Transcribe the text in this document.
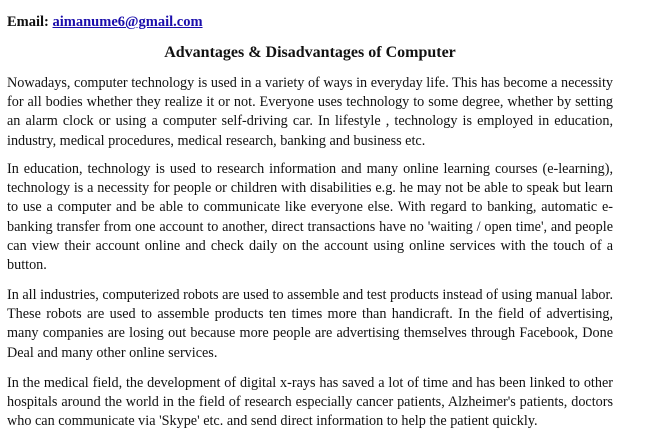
Email: aimanume6@gmail.com
Advantages & Disadvantages of Computer

Nowadays, computer technology is used in a variety of ways in everyday life. This has become a necessity for all bodies whether they realize it or not. Everyone uses technology to some degree, whether by setting an alarm clock or using a computer self-driving car. In lifestyle , technology is employed in education, industry, medical procedures, medical research, banking and business etc.

In education, technology is used to research information and many online learning courses (e-learning), technology is a necessity for people or children with disabilities e.g. he may not be able to speak but learn to use a computer and be able to communicate like everyone else. With regard to banking, automatic e-banking transfer from one account to another, direct transactions have no 'waiting / open time', and people can view their account online and check daily on the account using online services with the touch of a button.

In all industries, computerized robots are used to assemble and test products instead of using manual labor. These robots are used to assemble products ten times more than handicraft. In the field of advertising, many companies are losing out because more people are advertising themselves through Facebook, Done Deal and many other online services.

In the medical field, the development of digital x-rays has saved a lot of time and has been linked to other hospitals around the world in the field of research especially cancer patients, Alzheimer's patients, doctors who can communicate via 'Skype' etc. and send direct information to help the patient quickly.
